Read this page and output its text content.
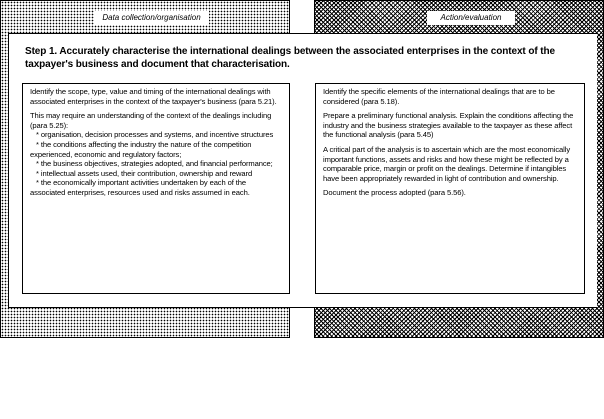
Data collection/organisation	Action/evaluation
Step 1. Accurately characterise the international dealings between the associated enterprises in the context of the taxpayer's business and document that characterisation.

Identify the scope, type, value and timing of the international dealings with associated enterprises in the context of the taxpayer's business (para 5.21).

This may require an understanding of the context of the dealings including (para 5.25):
* organisation, decision processes and systems, and incentive structures
* the conditions affecting the industry the nature of the competition experienced, economic and regulatory factors;
* the business objectives, strategies adopted, and financial performance;
* intellectual assets used, their contribution, ownership and reward
* the economically important activities undertaken by each of the associated enterprises, resources used and risks assumed in each.

Identify the specific elements of the international dealings that are to be considered (para 5.18).

Prepare a preliminary functional analysis. Explain the conditions affecting the industry and the business strategies available to the taxpayer as these affect the functional analysis (para 5.45)

A critical part of the analysis is to ascertain which are the most economically important functions, assets and risks and how these might be reflected by a comparable price, margin or profit on the dealings. Determine if intangibles have been appropriately rewarded in light of contribution and ownership.

Document the process adopted (para 5.56).
